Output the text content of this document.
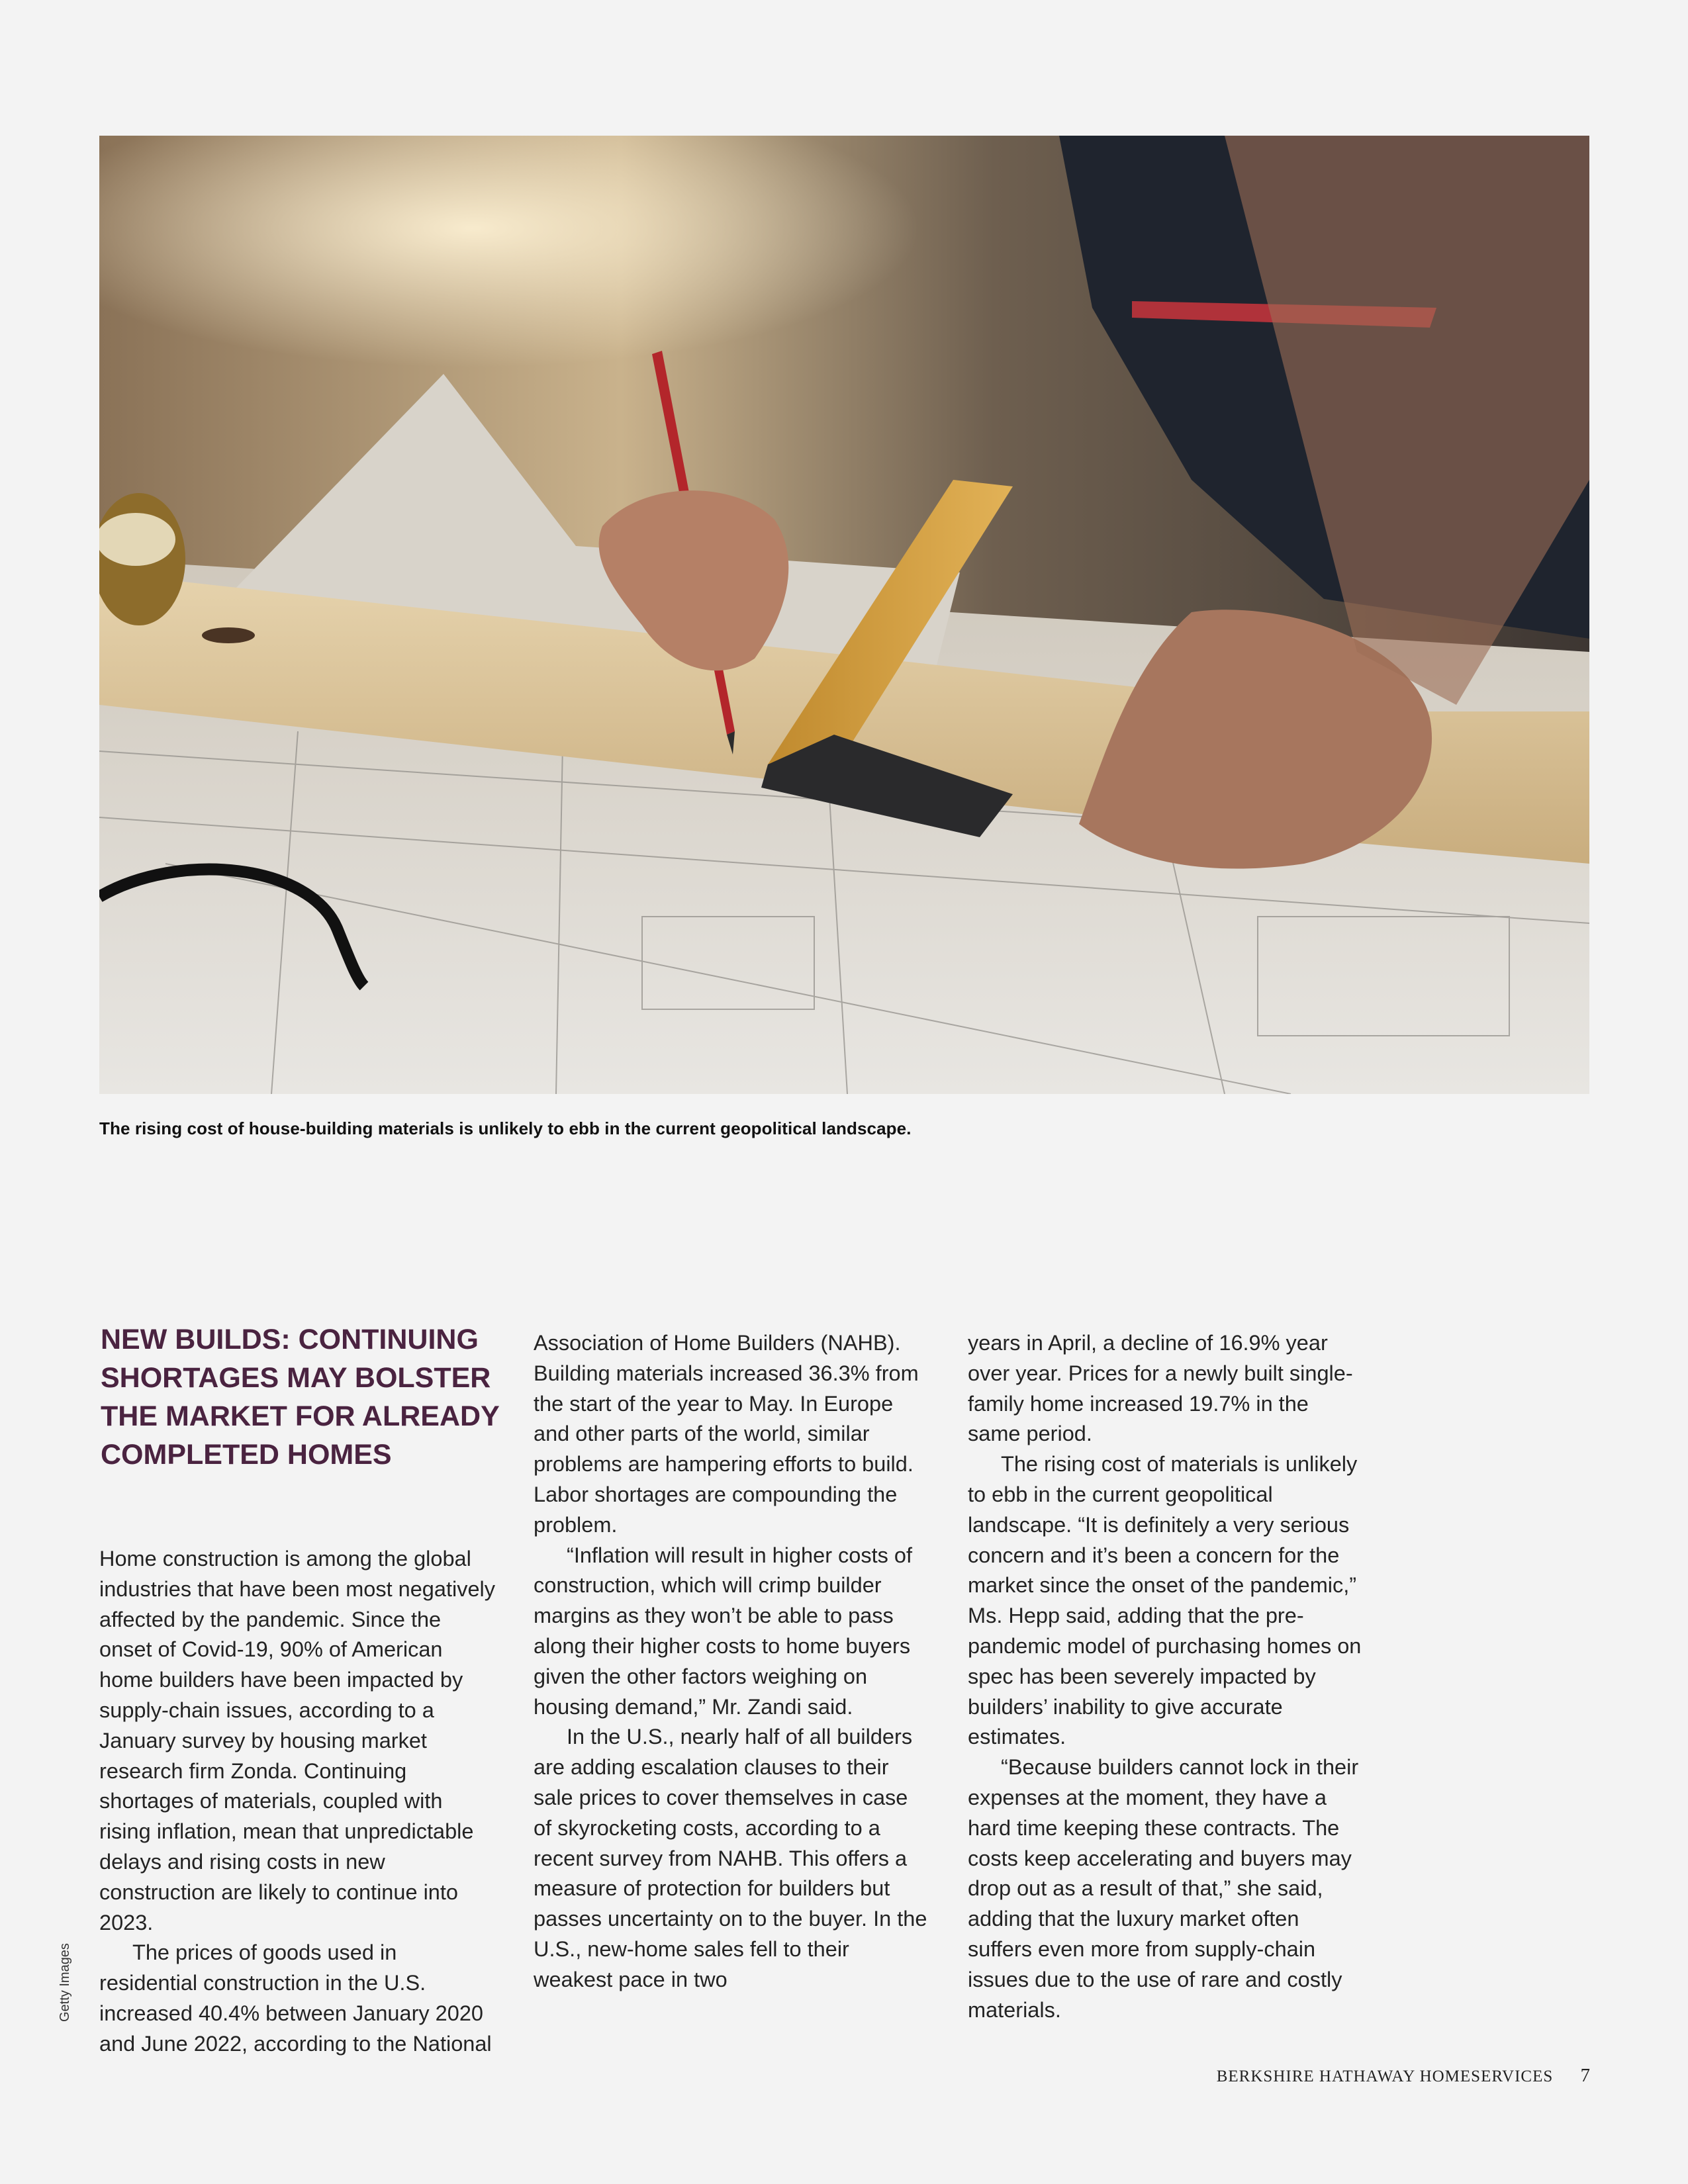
The rising cost of house-building materials is unlikely to ebb in the current geopolitical landscape.
Getty Images
NEW BUILDS: CONTINUING SHORTAGES MAY BOLSTER THE MARKET FOR ALREADY COMPLETED HOMES

Home construction is among the global industries that have been most negatively affected by the pandemic. Since the onset of Covid-19, 90% of American home builders have been impacted by supply-chain issues, according to a January survey by housing market research firm Zonda. Continuing shortages of materials, coupled with rising inflation, mean that unpredictable delays and rising costs in new construction are likely to continue into 2023.

The prices of goods used in residential construction in the U.S. increased 40.4% between January 2020 and June 2022, according to the National

Association of Home Builders (NAHB). Building materials increased 36.3% from the start of the year to May. In Europe and other parts of the world, similar problems are hampering efforts to build. Labor shortages are compounding the problem.

“Inflation will result in higher costs of construction, which will crimp builder margins as they won’t be able to pass along their higher costs to home buyers given the other factors weighing on housing demand,” Mr. Zandi said.

In the U.S., nearly half of all builders are adding escalation clauses to their sale prices to cover themselves in case of skyrocketing costs, according to a recent survey from NAHB. This offers a measure of protection for builders but passes uncertainty on to the buyer. In the U.S., new-home sales fell to their weakest pace in two

years in April, a decline of 16.9% year over year. Prices for a newly built single-family home increased 19.7% in the same period.

The rising cost of materials is unlikely to ebb in the current geopolitical landscape. “It is definitely a very serious concern and it’s been a concern for the market since the onset of the pandemic,” Ms. Hepp said, adding that the pre-pandemic model of purchasing homes on spec has been severely impacted by builders’ inability to give accurate estimates.

“Because builders cannot lock in their expenses at the moment, they have a hard time keeping these contracts. The costs keep accelerating and buyers may drop out as a result of that,” she said, adding that the luxury market often suffers even more from supply-chain issues due to the use of rare and costly materials.

BERKSHIRE HATHAWAY HOMESERVICES 7
